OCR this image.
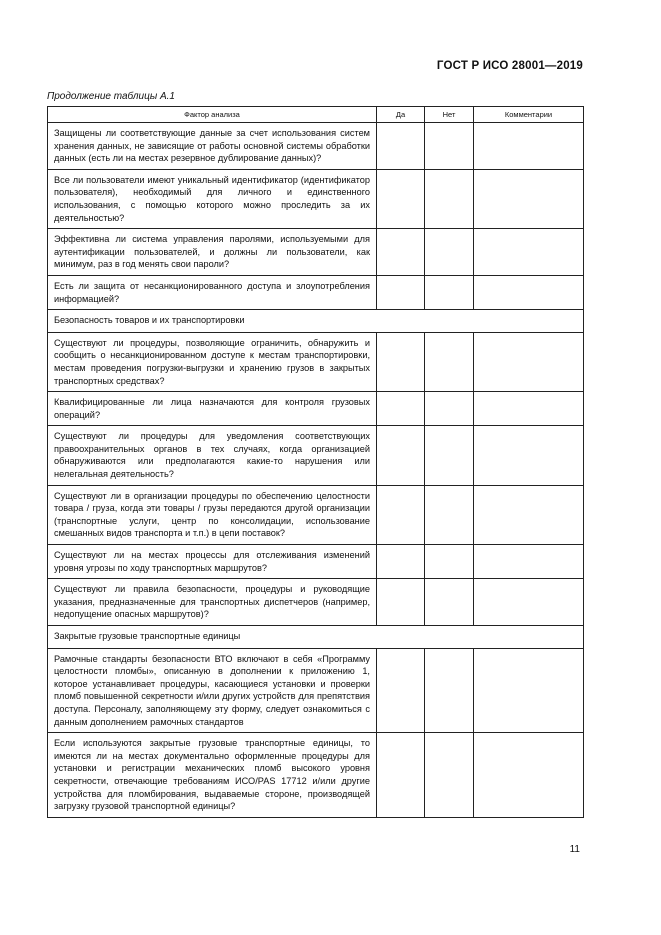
ГОСТ Р ИСО 28001—2019
Продолжение таблицы А.1
Фактор анализа	Да	Нет	Комментарии
Защищены ли соответствующие данные за счет использования систем хранения данных, не зависящие от работы основной системы обработки данных (есть ли на местах резервное дублирование данных)?			
Все ли пользователи имеют уникальный идентификатор (идентификатор пользователя), необходимый для личного и единственного использования, с помощью которого можно проследить за их деятельностью?			
Эффективна ли система управления паролями, используемыми для аутентификации пользователей, и должны ли пользователи, как минимум, раз в год менять свои пароли?			
Есть ли защита от несанкционированного доступа и злоупотребления информацией?			
Безопасность товаров и их транспортировки			
Существуют ли процедуры, позволяющие ограничить, обнаружить и сообщить о несанкционированном доступе к местам транспортировки, местам проведения погрузки-выгрузки и хранению грузов в закрытых транспортных средствах?			
Квалифицированные ли лица назначаются для контроля грузовых операций?			
Существуют ли процедуры для уведомления соответствующих правоохранительных органов в тех случаях, когда организацией обнаруживаются или предполагаются какие-то нарушения или нелегальная деятельность?			
Существуют ли в организации процедуры по обеспечению целостности товара / груза, когда эти товары / грузы передаются другой организации (транспортные услуги, центр по консолидации, использование смешанных видов транспорта и т.п.) в цепи поставок?			
Существуют ли на местах процессы для отслеживания изменений уровня угрозы по ходу транспортных маршрутов?			
Существуют ли правила безопасности, процедуры и руководящие указания, предназначенные для транспортных диспетчеров (например, недопущение опасных маршрутов)?			
Закрытые грузовые транспортные единицы			
Рамочные стандарты безопасности ВТО включают в себя «Программу целостности пломбы», описанную в дополнении к приложению 1, которое устанавливает процедуры, касающиеся установки и проверки пломб повышенной секретности и/или других устройств для препятствия доступа. Персоналу, заполняющему эту форму, следует ознакомиться с данным дополнением рамочных стандартов			
Если используются закрытые грузовые транспортные единицы, то имеются ли на местах документально оформленные процедуры для установки и регистрации механических пломб высокого уровня секретности, отвечающие требованиям ИСО/PAS 17712 и/или другие устройства для пломбирования, выдаваемые стороне, производящей загрузку грузовой транспортной единицы?			
11
